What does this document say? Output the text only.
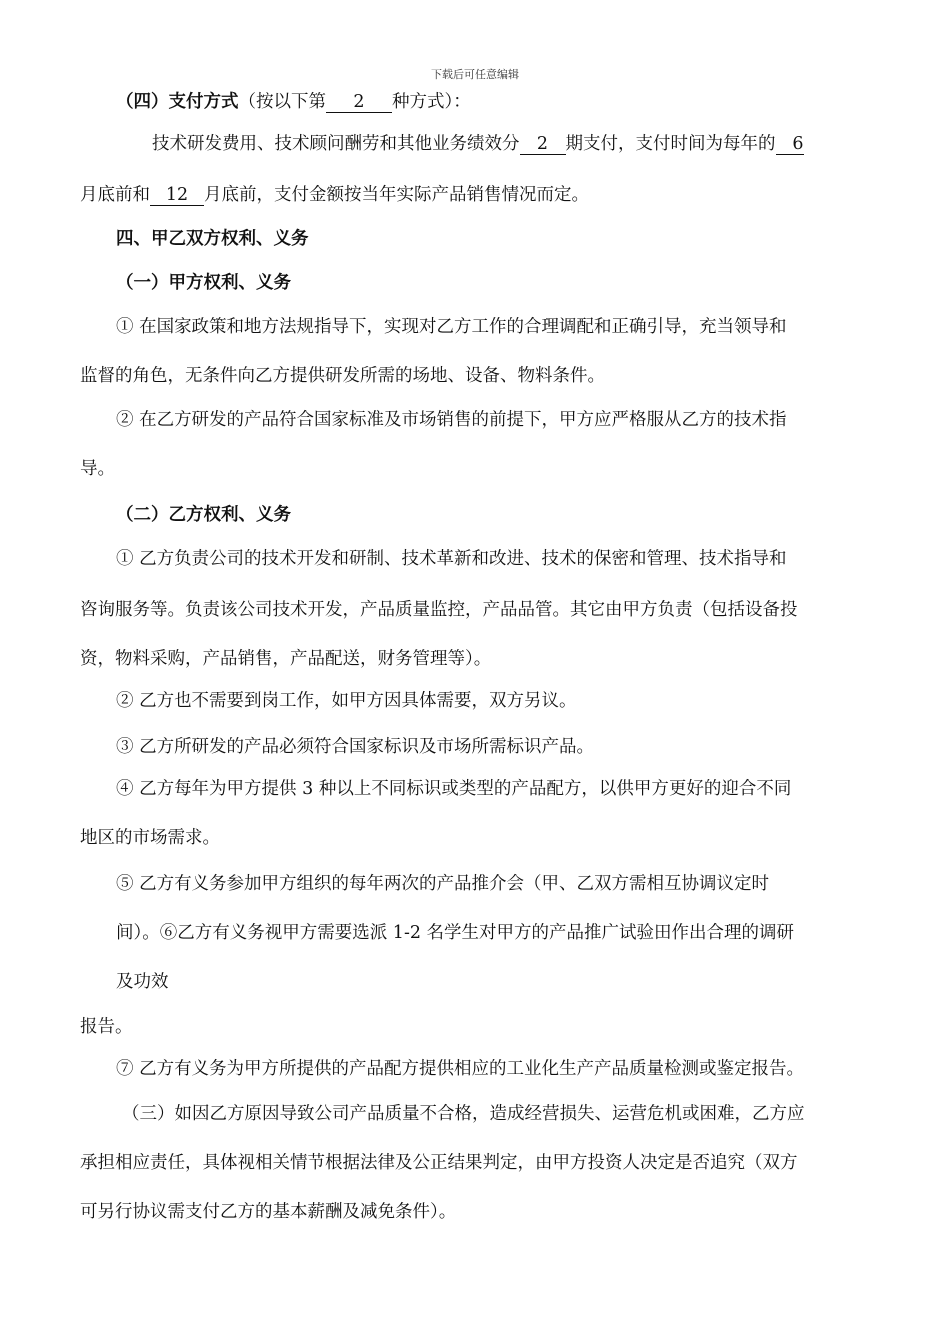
下载后可任意编辑
（四）支付方式（按以下第 2 种方式）：
技术研发费用、技术顾问酬劳和其他业务绩效分 2 期支付，支付时间为每年的 6
月底前和 12 月底前，支付金额按当年实际产品销售情况而定。
四、甲乙双方权利、义务
（一）甲方权利、义务
① 在国家政策和地方法规指导下，实现对乙方工作的合理调配和正确引导，充当领导和
监督的角色，无条件向乙方提供研发所需的场地、设备、物料条件。
② 在乙方研发的产品符合国家标准及市场销售的前提下，甲方应严格服从乙方的技术指
导。
（二）乙方权利、义务
① 乙方负责公司的技术开发和研制、技术革新和改进、技术的保密和管理、技术指导和
咨询服务等。负责该公司技术开发，产品质量监控，产品品管。其它由甲方负责（包括设备投
资，物料采购，产品销售，产品配送，财务管理等）。
② 乙方也不需要到岗工作，如甲方因具体需要，双方另议。
③ 乙方所研发的产品必须符合国家标识及市场所需标识产品。
④ 乙方每年为甲方提供 3 种以上不同标识或类型的产品配方，以供甲方更好的迎合不同
地区的市场需求。
⑤ 乙方有义务参加甲方组织的每年两次的产品推介会（甲、乙双方需相互协调议定时
间）。⑥乙方有义务视甲方需要选派 1-2 名学生对甲方的产品推广试验田作出合理的调研
及功效
报告。
⑦ 乙方有义务为甲方所提供的产品配方提供相应的工业化生产产品质量检测或鉴定报告。
（三）如因乙方原因导致公司产品质量不合格，造成经营损失、运营危机或困难，乙方应
承担相应责任，具体视相关情节根据法律及公正结果判定，由甲方投资人决定是否追究（双方
可另行协议需支付乙方的基本薪酬及减免条件）。
